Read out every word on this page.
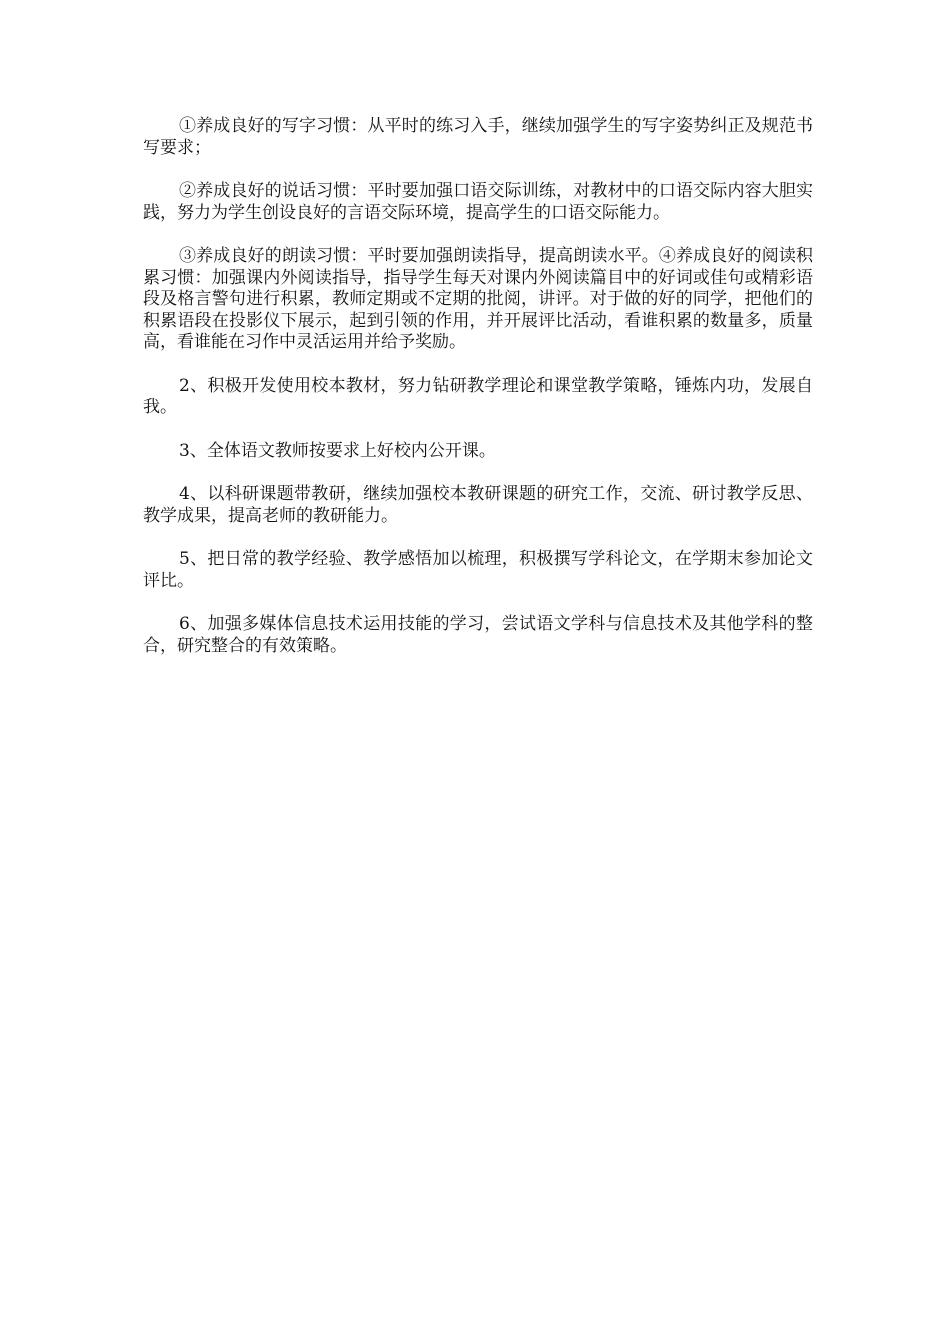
①养成良好的写字习惯：从平时的练习入手，继续加强学生的写字姿势纠正及规范书写要求；

②养成良好的说话习惯：平时要加强口语交际训练，对教材中的口语交际内容大胆实践，努力为学生创设良好的言语交际环境，提高学生的口语交际能力。

③养成良好的朗读习惯：平时要加强朗读指导，提高朗读水平。④养成良好的阅读积累习惯：加强课内外阅读指导，指导学生每天对课内外阅读篇目中的好词或佳句或精彩语段及格言警句进行积累，教师定期或不定期的批阅，讲评。对于做的好的同学，把他们的积累语段在投影仪下展示，起到引领的作用，并开展评比活动，看谁积累的数量多，质量高，看谁能在习作中灵活运用并给予奖励。

2、积极开发使用校本教材，努力钻研教学理论和课堂教学策略，锤炼内功，发展自我。

3、全体语文教师按要求上好校内公开课。

4、以科研课题带教研，继续加强校本教研课题的研究工作，交流、研讨教学反思、教学成果，提高老师的教研能力。

5、把日常的教学经验、教学感悟加以梳理，积极撰写学科论文，在学期末参加论文评比。

6、加强多媒体信息技术运用技能的学习，尝试语文学科与信息技术及其他学科的整合，研究整合的有效策略。
